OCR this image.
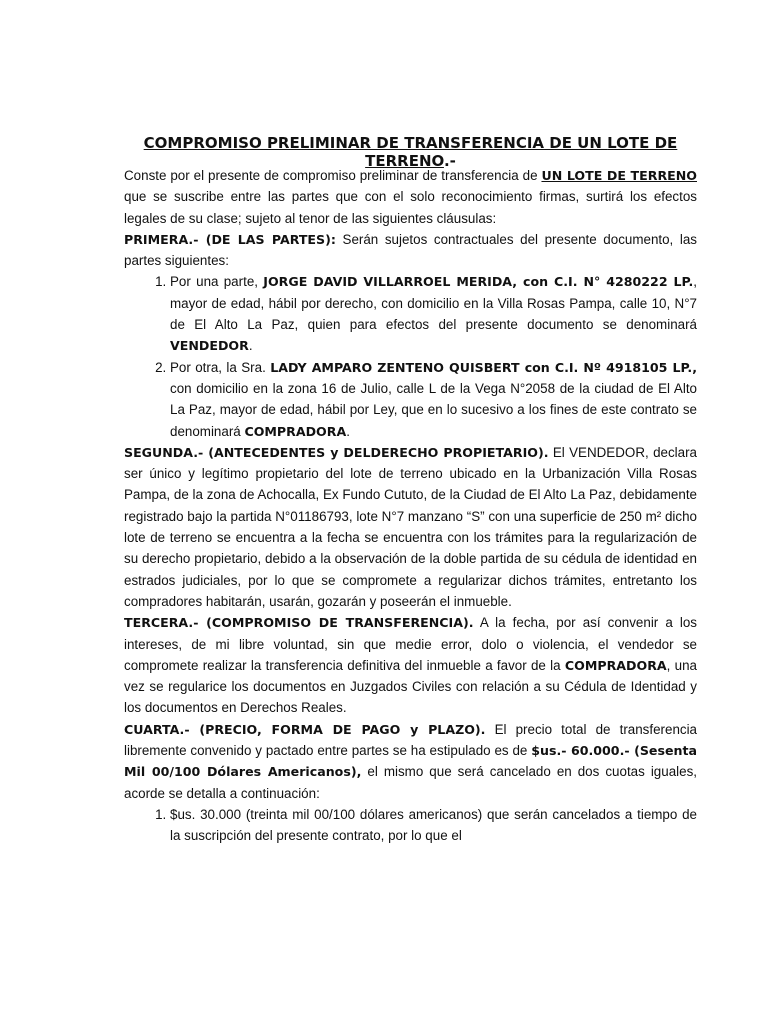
COMPROMISO PRELIMINAR DE TRANSFERENCIA DE UN LOTE DE TERRENO.-

Conste por el presente de compromiso preliminar de transferencia de UN LOTE DE TERRENO que se suscribe entre las partes que con el solo reconocimiento firmas, surtirá los efectos legales de su clase; sujeto al tenor de las siguientes cláusulas:

PRIMERA.- (DE LAS PARTES): Serán sujetos contractuales del presente documento, las partes siguientes:

1. Por una parte, JORGE DAVID VILLARROEL MERIDA, con C.I. N° 4280222 LP., mayor de edad, hábil por derecho, con domicilio en la Villa Rosas Pampa, calle 10, N°7 de El Alto La Paz, quien para efectos del presente documento se denominará VENDEDOR.
2. Por otra, la Sra. LADY AMPARO ZENTENO QUISBERT con C.I. Nº 4918105 LP., con domicilio en la zona 16 de Julio, calle L de la Vega N°2058 de la ciudad de El Alto La Paz, mayor de edad, hábil por Ley, que en lo sucesivo a los fines de este contrato se denominará COMPRADORA.

SEGUNDA.- (ANTECEDENTES y DELDERECHO PROPIETARIO). El VENDEDOR, declara ser único y legítimo propietario del lote de terreno ubicado en la Urbanización Villa Rosas Pampa, de la zona de Achocalla, Ex Fundo Cututo, de la Ciudad de El Alto La Paz, debidamente registrado bajo la partida N°01186793, lote N°7 manzano “S” con una superficie de 250 m² dicho lote de terreno se encuentra a la fecha se encuentra con los trámites para la regularización de su derecho propietario, debido a la observación de la doble partida de su cédula de identidad en estrados judiciales, por lo que se compromete a regularizar dichos trámites, entretanto los compradores habitarán, usarán, gozarán y poseerán el inmueble.

TERCERA.- (COMPROMISO DE TRANSFERENCIA). A la fecha, por así convenir a los intereses, de mi libre voluntad, sin que medie error, dolo o violencia, el vendedor se compromete realizar la transferencia definitiva del inmueble a favor de la COMPRADORA, una vez se regularice los documentos en Juzgados Civiles con relación a su Cédula de Identidad y los documentos en Derechos Reales.

CUARTA.- (PRECIO, FORMA DE PAGO y PLAZO). El precio total de transferencia libremente convenido y pactado entre partes se ha estipulado es de $us.- 60.000.- (Sesenta Mil 00/100 Dólares Americanos), el mismo que será cancelado en dos cuotas iguales, acorde se detalla a continuación:

1. $us. 30.000 (treinta mil 00/100 dólares americanos) que serán cancelados a tiempo de la suscripción del presente contrato, por lo que el
